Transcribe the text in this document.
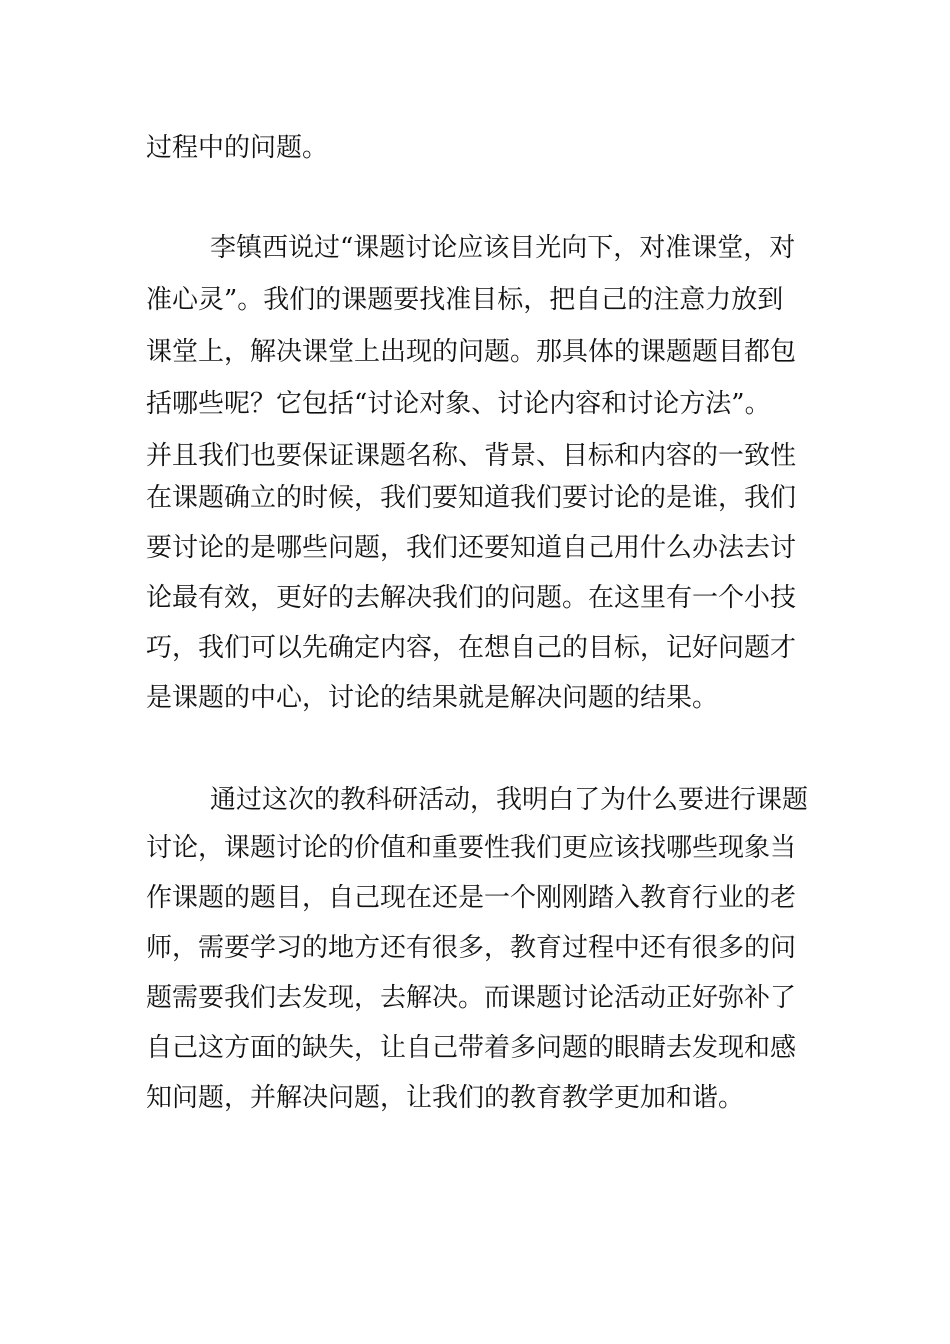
过程中的问题。
李镇西说过“课题讨论应该目光向下，对准课堂，对
准心灵”。我们的课题要找准目标，把自己的注意力放到
课堂上，解决课堂上出现的问题。那具体的课题题目都包
括哪些呢？它包括“讨论对象、讨论内容和讨论方法”。
并且我们也要保证课题名称、背景、目标和内容的一致性
在课题确立的时候，我们要知道我们要讨论的是谁，我们
要讨论的是哪些问题，我们还要知道自己用什么办法去讨
论最有效，更好的去解决我们的问题。在这里有一个小技
巧，我们可以先确定内容，在想自己的目标，记好问题才
是课题的中心，讨论的结果就是解决问题的结果。
通过这次的教科研活动，我明白了为什么要进行课题
讨论，课题讨论的价值和重要性我们更应该找哪些现象当
作课题的题目，自己现在还是一个刚刚踏入教育行业的老
师，需要学习的地方还有很多，教育过程中还有很多的问
题需要我们去发现，去解决。而课题讨论活动正好弥补了
自己这方面的缺失，让自己带着多问题的眼睛去发现和感
知问题，并解决问题，让我们的教育教学更加和谐。
